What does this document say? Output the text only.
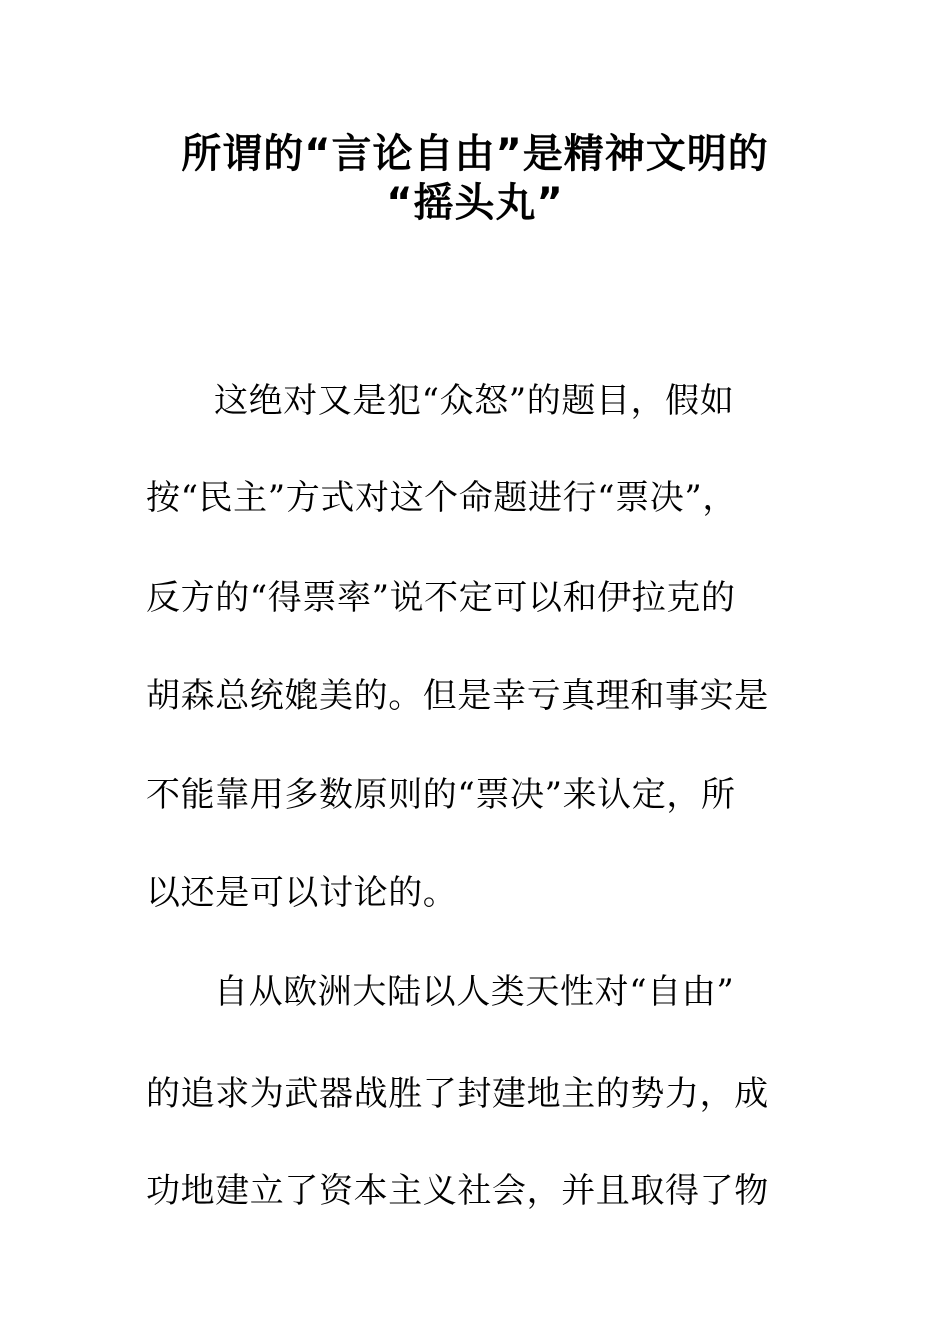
所谓的“言论自由”是精神文明的
“摇头丸”
这绝对又是犯“众怒”的题目，假如
按“民主”方式对这个命题进行“票决”，
反方的“得票率”说不定可以和伊拉克的
胡森总统媲美的。但是幸亏真理和事实是
不能靠用多数原则的“票决”来认定，所
以还是可以讨论的。
自从欧洲大陆以人类天性对“自由”
的追求为武器战胜了封建地主的势力，成
功地建立了资本主义社会，并且取得了物
